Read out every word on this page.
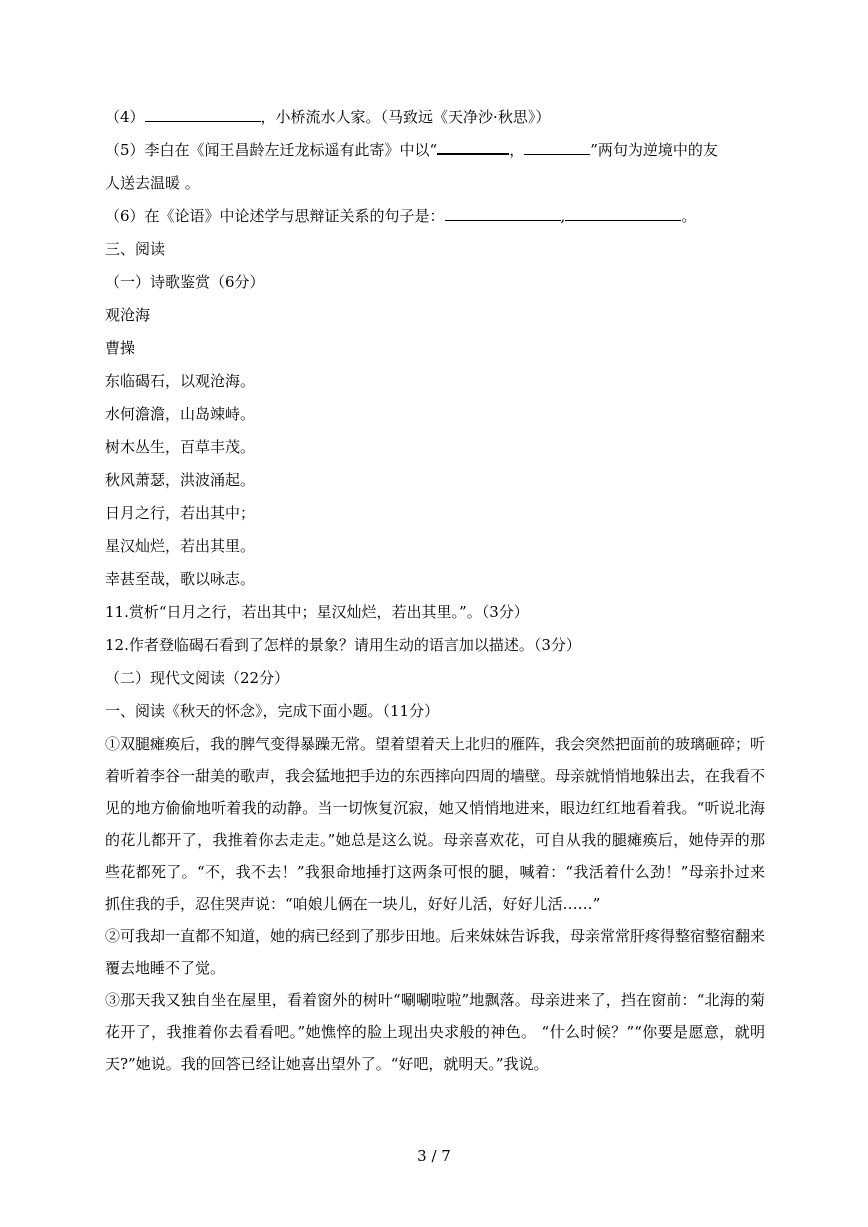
（4）	，小桥流水人家。（马致远《天净沙·秋思》）
（5）李白在《闻王昌龄左迁龙标遥有此寄》中以“	，	”两句为逆境中的友
人送去温暖 。
（6）在《论语》中论述学与思辩证关系的句子是：	,	。
三、阅读
（一）诗歌鉴赏（6分）
观沧海
曹操
东临碣石，以观沧海。
水何澹澹，山岛竦峙。
树木丛生，百草丰茂。
秋风萧瑟，洪波涌起。
日月之行，若出其中；
星汉灿烂，若出其里。
幸甚至哉，歌以咏志。
11.赏析“日月之行，若出其中；星汉灿烂，若出其里。”。（3分）
12.作者登临碣石看到了怎样的景象？请用生动的语言加以描述。（3分）
（二）现代文阅读（22分）
一、阅读《秋天的怀念》，完成下面小题。（11分）
①双腿瘫痪后，我的脾气变得暴躁无常。望着望着天上北归的雁阵，我会突然把面前的玻璃砸碎；听着听着李谷一甜美的歌声，我会猛地把手边的东西摔向四周的墙壁。母亲就悄悄地躲出去，在我看不见的地方偷偷地听着我的动静。当一切恢复沉寂，她又悄悄地进来，眼边红红地看着我。“听说北海的花儿都开了，我推着你去走走。”她总是这么说。母亲喜欢花，可自从我的腿瘫痪后，她侍弄的那些花都死了。“不，我不去！”我狠命地捶打这两条可恨的腿，喊着：“我活着什么劲！”母亲扑过来抓住我的手，忍住哭声说：“咱娘儿俩在一块儿，好好儿活，好好儿活……”
②可我却一直都不知道，她的病已经到了那步田地。后来妹妹告诉我，母亲常常肝疼得整宿整宿翻来覆去地睡不了觉。
③那天我又独自坐在屋里，看着窗外的树叶“唰唰啦啦”地飘落。母亲进来了，挡在窗前：“北海的菊花开了，我推着你去看看吧。”她憔悴的脸上现出央求般的神色。 “什么时候？”“你要是愿意，就明天?”她说。我的回答已经让她喜出望外了。“好吧，就明天。”我说。
3 / 7
